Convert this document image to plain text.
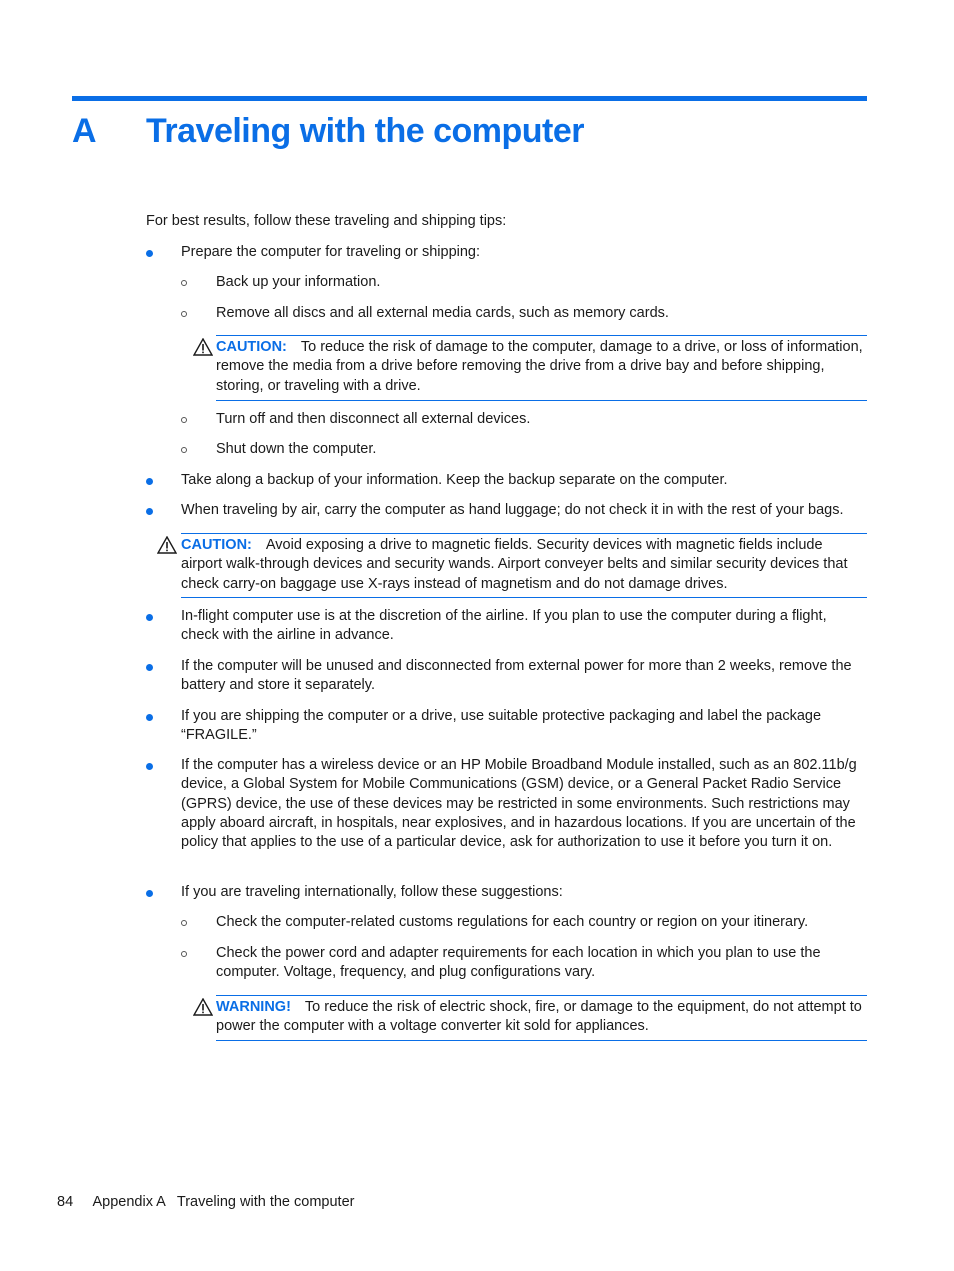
A Traveling with the computer
For best results, follow these traveling and shipping tips:
Prepare the computer for traveling or shipping:
Back up your information.
Remove all discs and all external media cards, such as memory cards.
CAUTION: To reduce the risk of damage to the computer, damage to a drive, or loss of information, remove the media from a drive before removing the drive from a drive bay and before shipping, storing, or traveling with a drive.
Turn off and then disconnect all external devices.
Shut down the computer.
Take along a backup of your information. Keep the backup separate on the computer.
When traveling by air, carry the computer as hand luggage; do not check it in with the rest of your bags.
CAUTION: Avoid exposing a drive to magnetic fields. Security devices with magnetic fields include airport walk-through devices and security wands. Airport conveyer belts and similar security devices that check carry-on baggage use X-rays instead of magnetism and do not damage drives.
In-flight computer use is at the discretion of the airline. If you plan to use the computer during a flight, check with the airline in advance.
If the computer will be unused and disconnected from external power for more than 2 weeks, remove the battery and store it separately.
If you are shipping the computer or a drive, use suitable protective packaging and label the package “FRAGILE.”
If the computer has a wireless device or an HP Mobile Broadband Module installed, such as an 802.11b/g device, a Global System for Mobile Communications (GSM) device, or a General Packet Radio Service (GPRS) device, the use of these devices may be restricted in some environments. Such restrictions may apply aboard aircraft, in hospitals, near explosives, and in hazardous locations. If you are uncertain of the policy that applies to the use of a particular device, ask for authorization to use it before you turn it on.
If you are traveling internationally, follow these suggestions:
Check the computer-related customs regulations for each country or region on your itinerary.
Check the power cord and adapter requirements for each location in which you plan to use the computer. Voltage, frequency, and plug configurations vary.
WARNING! To reduce the risk of electric shock, fire, or damage to the equipment, do not attempt to power the computer with a voltage converter kit sold for appliances.
84 Appendix A Traveling with the computer
